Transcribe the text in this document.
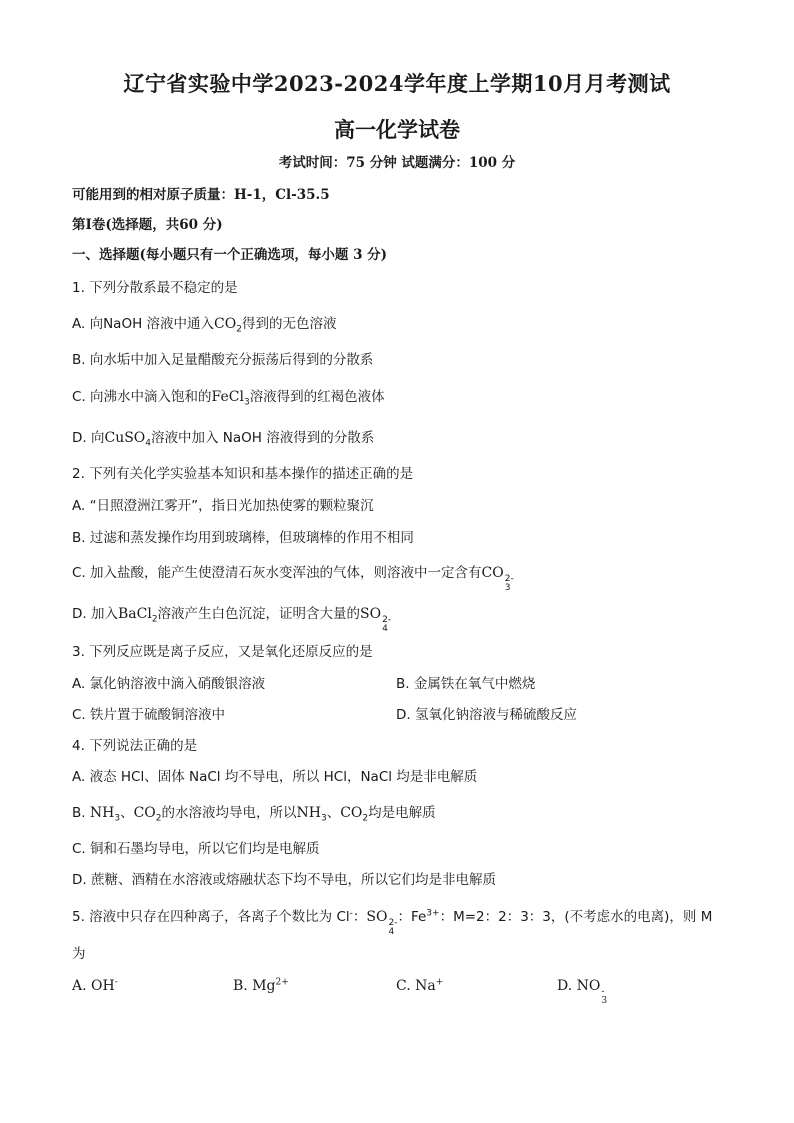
辽宁省实验中学2023-2024学年度上学期10月月考测试
高一化学试卷
考试时间：75 分钟 试题满分：100 分
可能用到的相对原子质量：H-1，Cl-35.5
第Ⅰ卷(选择题，共60 分)
一、选择题(每小题只有一个正确选项，每小题 3 分)
1. 下列分散系最不稳定的是
A. 向NaOH 溶液中通入$CO_2$得到的无色溶液
B. 向水垢中加入足量醋酸充分振荡后得到的分散系
C. 向沸水中滴入饱和的FeCl$_3$溶液得到的红褐色液体
D. 向CuSO$_4$溶液中加入 NaOH 溶液得到的分散系
2. 下列有关化学实验基本知识和基本操作的描述正确的是
A. “日照澄洲江雾开”，指日光加热使雾的颗粒聚沉
B. 过滤和蒸发操作均用到玻璃棒，但玻璃棒的作用不相同
C. 加入盐酸，能产生使澄清石灰水变浑浊的气体，则溶液中一定含有CO 2-
3
D. 加入BaCl$_2$溶液产生白色沉淀，证明含大量的SO 2-
4
3. 下列反应既是离子反应，又是氧化还原反应的是
A. 氯化钠溶液中滴入硝酸银溶液	B. 金属铁在氧气中燃烧
C. 铁片置于硫酸铜溶液中	D. 氢氧化钠溶液与稀硫酸反应
4. 下列说法正确的是
A. 液态 HCl、固体 NaCl 均不导电，所以 HCl，NaCl 均是非电解质
B. $NH_3$、$CO_2$的水溶液均导电，所以$NH_3$、$CO_2$均是电解质
C. 铜和石墨均导电，所以它们均是电解质
D. 蔗糖、酒精在水溶液或熔融状态下均不导电，所以它们均是非电解质
5. 溶液中只存在四种离子，各离子个数比为 Cl-：SO 2-
4
：$Fe^{3+}$：M=2：2：3：3，(不考虑水的电离)，则 M
为
A. OH-	B. $Mg^{2+}$	C. Na+	D. NO -
3
